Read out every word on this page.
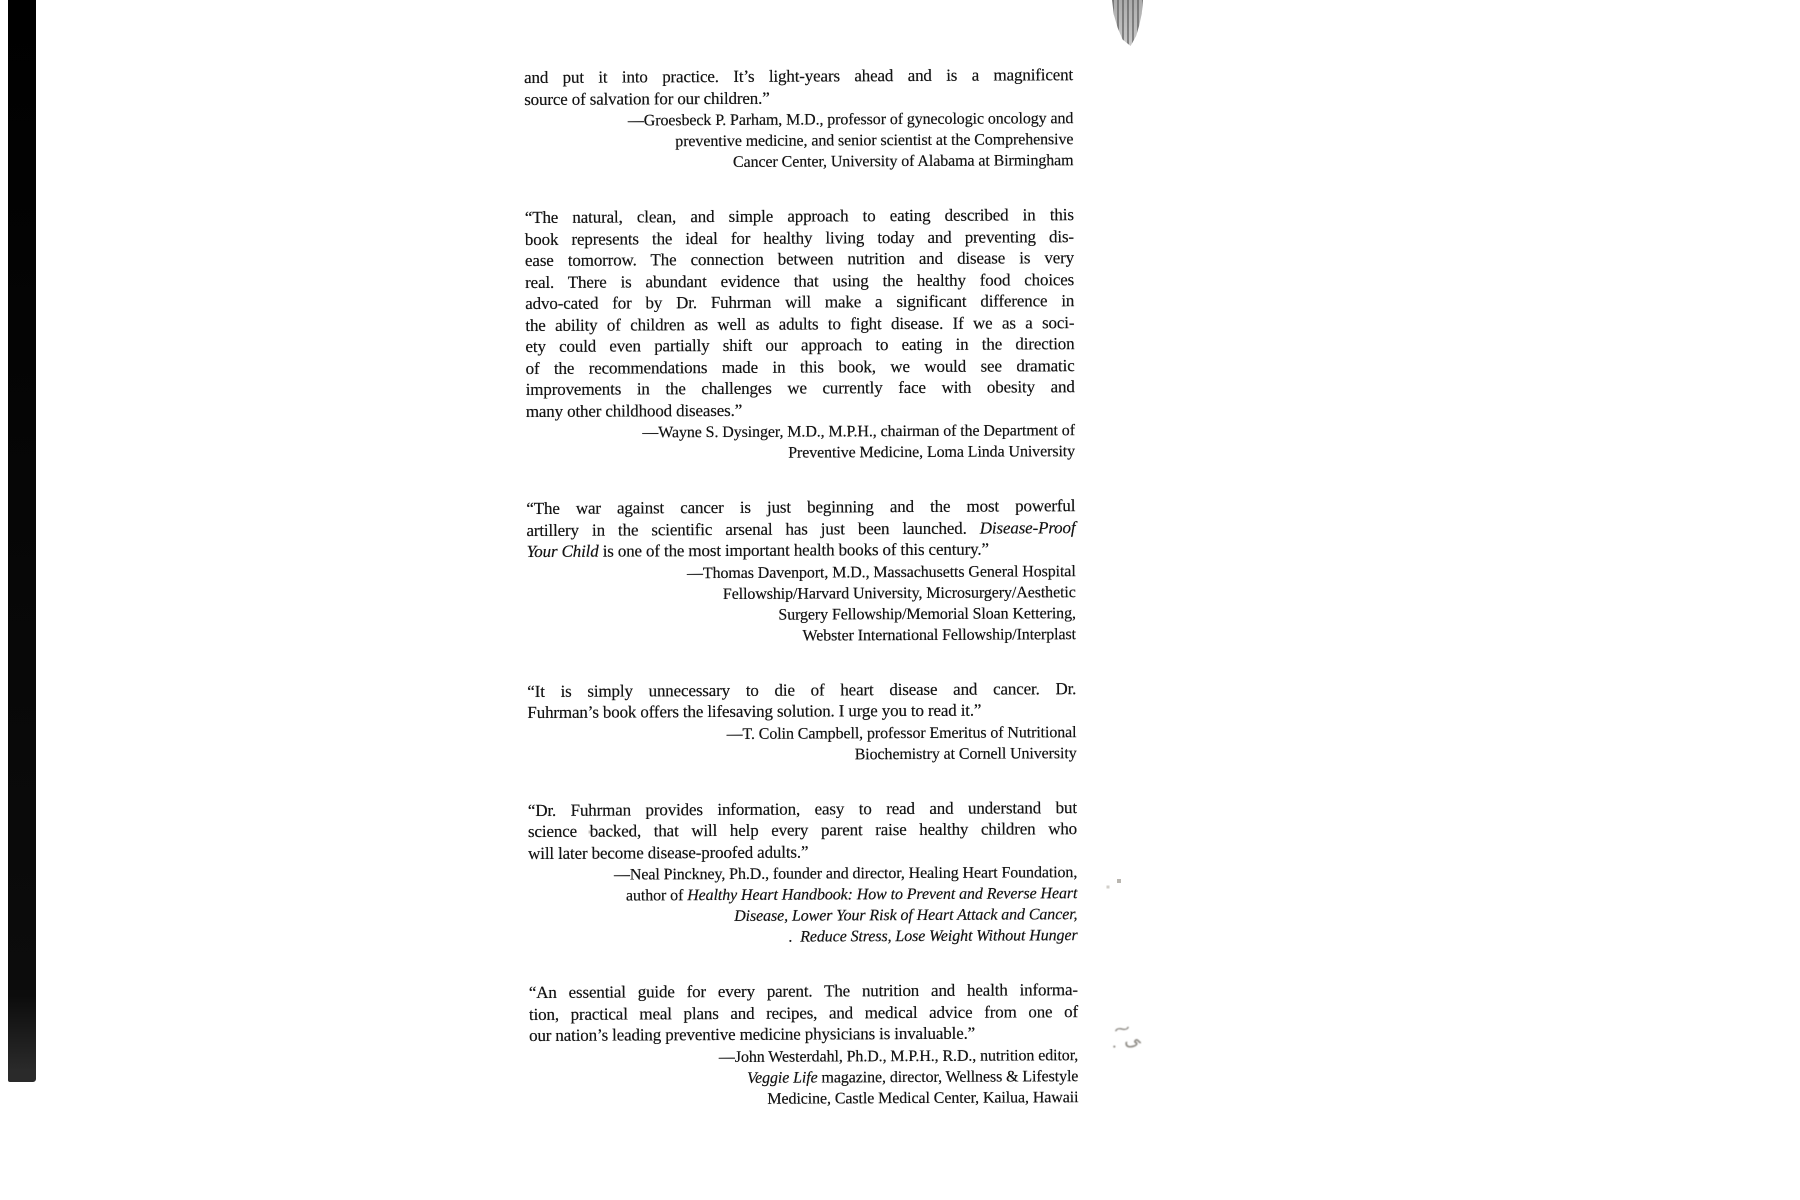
﹒ﻰ͠
and put it into practice. It’s light-years ahead and is a magnificent
source of salvation for our children.”
—Groesbeck P. Parham, M.D., professor of gynecologic oncology and
preventive medicine, and senior scientist at the Comprehensive
Cancer Center, University of Alabama at Birmingham
“The natural, clean, and simple approach to eating described in this
book represents the ideal for healthy living today and preventing dis-
ease tomorrow. The connection between nutrition and disease is very
real. There is abundant evidence that using the healthy food choices
advo-cated for by Dr. Fuhrman will make a significant difference in
the ability of children as well as adults to fight disease. If we as a soci-
ety could even partially shift our approach to eating in the direction
of the recommendations made in this book, we would see dramatic
improvements in the challenges we currently face with obesity and
many other childhood diseases.”
—Wayne S. Dysinger, M.D., M.P.H., chairman of the Department of
Preventive Medicine, Loma Linda University
“The war against cancer is just beginning and the most powerful
artillery in the scientific arsenal has just been launched. Disease-Proof
Your Child is one of the most important health books of this century.”
—Thomas Davenport, M.D., Massachusetts General Hospital
Fellowship/Harvard University, Microsurgery/Aesthetic
Surgery Fellowship/Memorial Sloan Kettering,
Webster International Fellowship/Interplast
“It is simply unnecessary to die of heart disease and cancer. Dr.
Fuhrman’s book offers the lifesaving solution. I urge you to read it.”
—T. Colin Campbell, professor Emeritus of Nutritional
Biochemistry at Cornell University
“Dr. Fuhrman provides information, easy to read and understand but
science backed, that will help every parent raise healthy children who
will later become disease-proofed adults.”
—Neal Pinckney, Ph.D., founder and director, Healing Heart Foundation,
author of Healthy Heart Handbook: How to Prevent and Reverse Heart
Disease, Lower Your Risk of Heart Attack and Cancer,
. Reduce Stress, Lose Weight Without Hunger
“An essential guide for every parent. The nutrition and health informa-
tion, practical meal plans and recipes, and medical advice from one of
our nation’s leading preventive medicine physicians is invaluable.”
—John Westerdahl, Ph.D., M.P.H., R.D., nutrition editor,
Veggie Life magazine, director, Wellness & Lifestyle
Medicine, Castle Medical Center, Kailua, Hawaii
